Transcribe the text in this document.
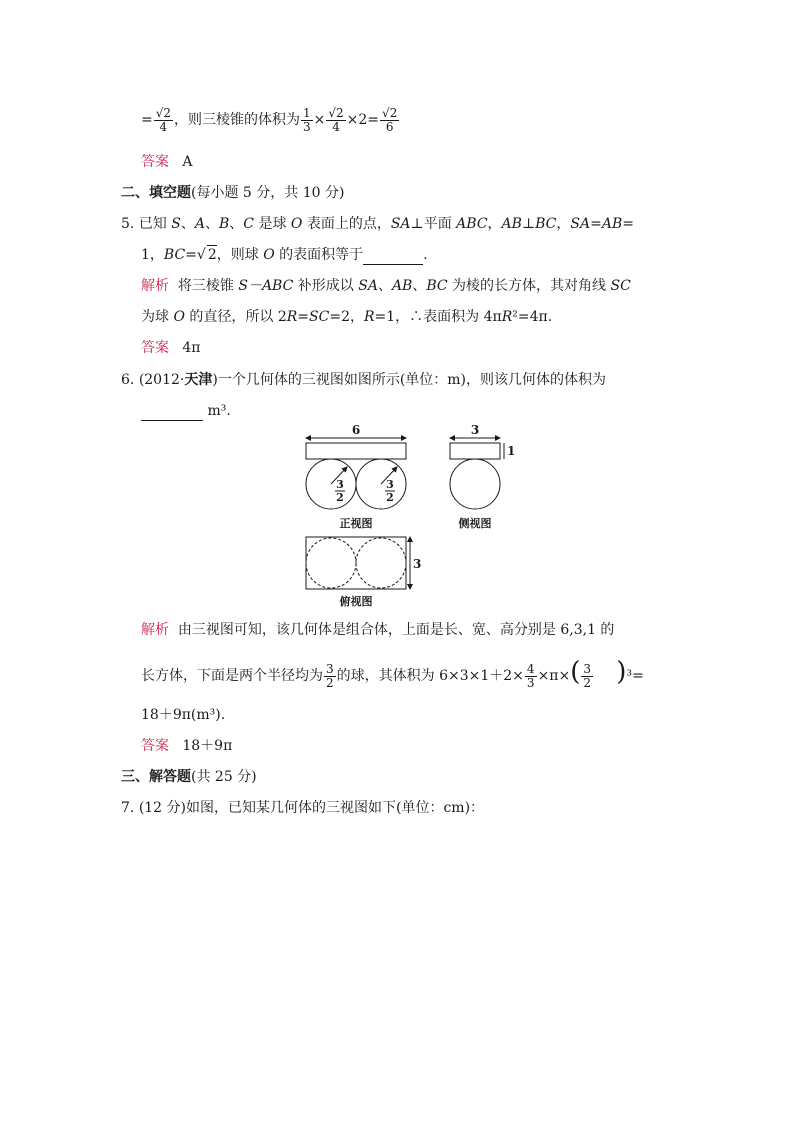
= $\frac{√2}{4}$ ，则三棱锥的体积为 $\frac{1}{3} \times \frac{√2}{4} \times 2= \frac{√2}{6}$
答案 A
二、填空题(每小题 5 分，共 10 分)
5. 已知 S、A、B、C 是球 O 表面上的点，SA⊥平面 ABC，AB⊥BC，SA=AB=
1，BC=√ 2，则球 O 的表面积等于	.
解析 将三棱锥 S－ABC 补形成以 SA、AB、BC 为棱的长方体，其对角线 SC
为球 O 的直径，所以 2R=SC=2，R=1，∴表面积为 4πR²=4π.
答案 4π
6. (2012·天津)一个几何体的三视图如图所示(单位：m)，则该几何体的体积为
m³.
6	3
1
3
3
2
3
2
正视图	侧视图
俯视图
解析 由三视图可知，该几何体是组合体，上面是长、宽、高分别是 6,3,1 的
长方体，下面是两个半径均为 $\frac{3}{2}$ 的球，其体积为 $6\times 3\times 1+2\times \frac{4}{3} \times\pi\times( \frac{3}{2} )^3=$
18＋9π(m³).
答案 18＋9π
三、解答题(共 25 分)
7. (12 分)如图，已知某几何体的三视图如下(单位：cm)：
